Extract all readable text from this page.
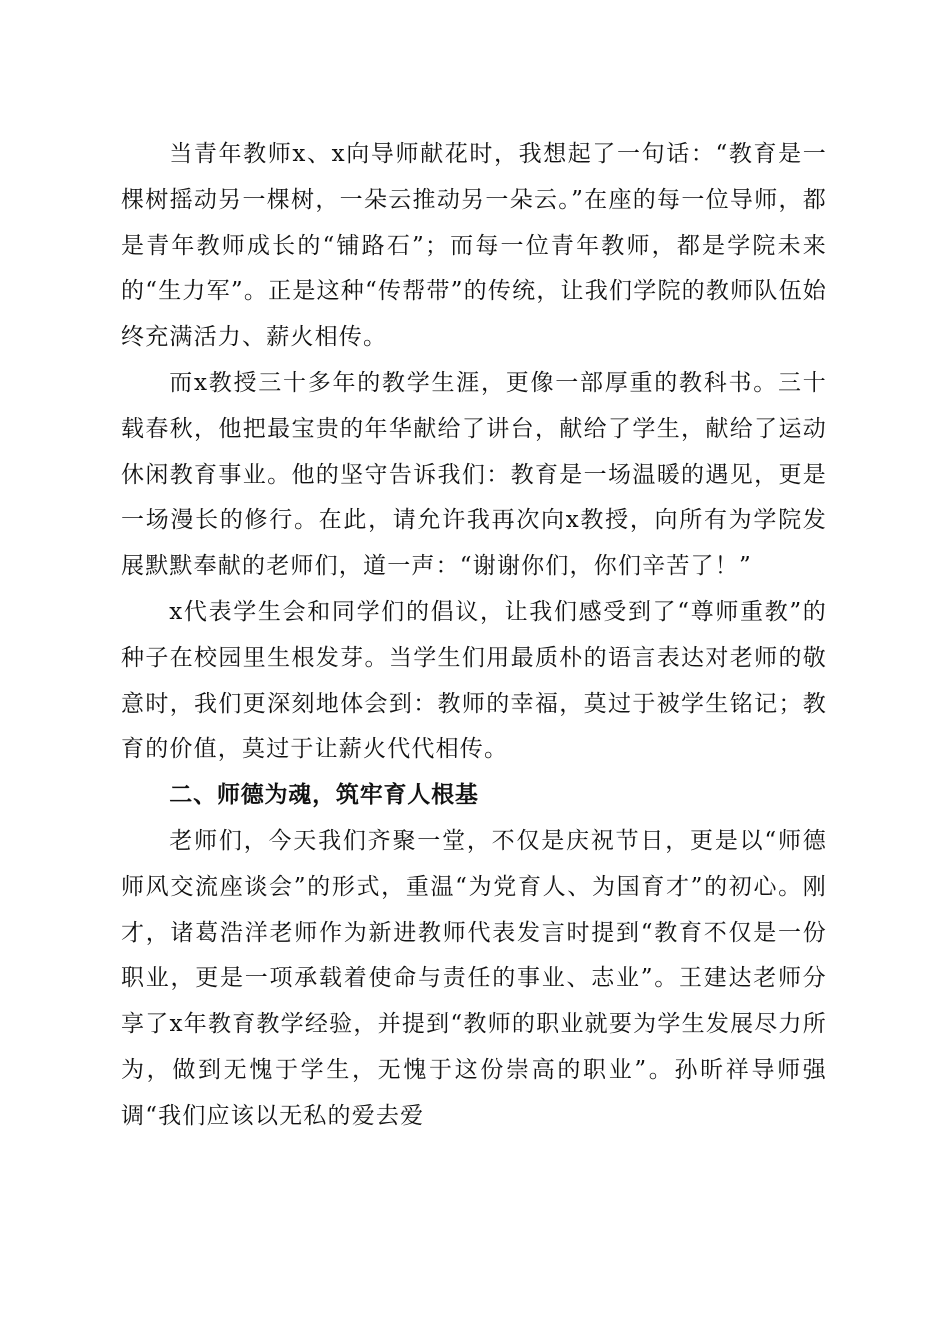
当青年教师x、x向导师献花时，我想起了一句话：“教育是一棵树摇动另一棵树，一朵云推动另一朵云。”在座的每一位导师，都是青年教师成长的“铺路石”；而每一位青年教师，都是学院未来的“生力军”。正是这种“传帮带”的传统，让我们学院的教师队伍始终充满活力、薪火相传。

而x教授三十多年的教学生涯，更像一部厚重的教科书。三十载春秋，他把最宝贵的年华献给了讲台，献给了学生，献给了运动休闲教育事业。他的坚守告诉我们：教育是一场温暖的遇见，更是一场漫长的修行。在此，请允许我再次向x教授，向所有为学院发展默默奉献的老师们，道一声：“谢谢你们，你们辛苦了！”

x代表学生会和同学们的倡议，让我们感受到了“尊师重教”的种子在校园里生根发芽。当学生们用最质朴的语言表达对老师的敬意时，我们更深刻地体会到：教师的幸福，莫过于被学生铭记；教育的价值，莫过于让薪火代代相传。

二、师德为魂，筑牢育人根基

老师们，今天我们齐聚一堂，不仅是庆祝节日，更是以“师德师风交流座谈会”的形式，重温“为党育人、为国育才”的初心。刚才，诸葛浩洋老师作为新进教师代表发言时提到“教育不仅是一份职业，更是一项承载着使命与责任的事业、志业”。王建达老师分享了x年教育教学经验，并提到“教师的职业就要为学生发展尽力所为，做到无愧于学生，无愧于这份崇高的职业”。孙昕祥导师强调“我们应该以无私的爱去爱
